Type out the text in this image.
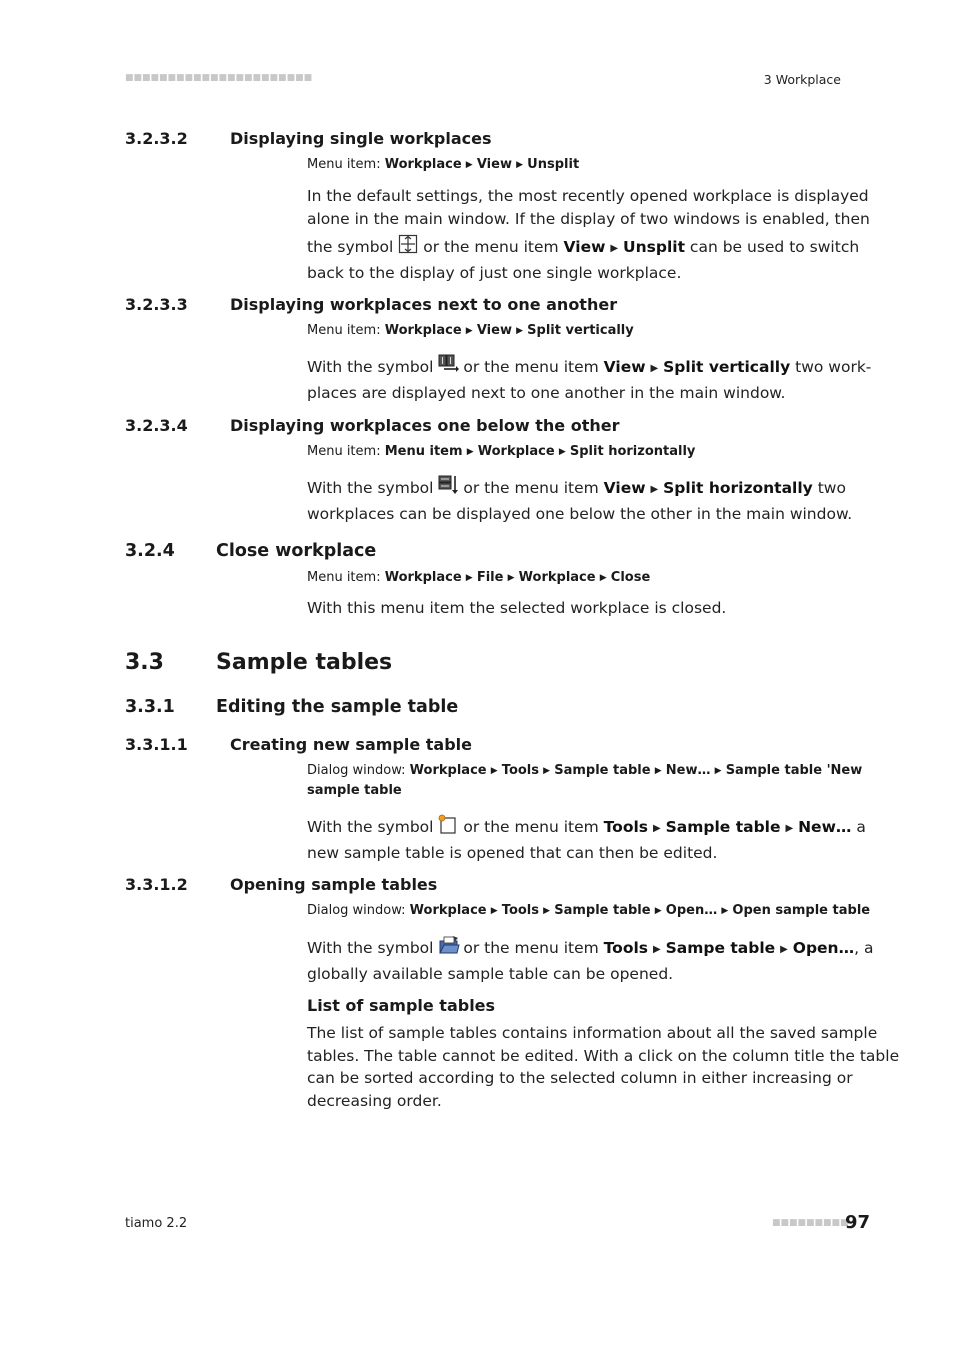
■■■■■■■■■■■■■■■■■■■■■■	3 Workplace
3.2.3.2	Displaying single workplaces
Menu item: Workplace ▶ View ▶ Unsplit
In the default settings, the most recently opened workplace is displayed
alone in the main window. If the display of two windows is enabled, then
the symbol or the menu item View ▶ Unsplit can be used to switch
back to the display of just one single workplace.
3.2.3.3	Displaying workplaces next to one another
Menu item: Workplace ▶ View ▶ Split vertically
With the symbol or the menu item View ▶ Split vertically two work-
places are displayed next to one another in the main window.
3.2.3.4	Displaying workplaces one below the other
Menu item: Menu item ▶ Workplace ▶ Split horizontally
With the symbol or the menu item View ▶ Split horizontally two
workplaces can be displayed one below the other in the main window.
3.2.4 Close workplace
Menu item: Workplace ▶ File ▶ Workplace ▶ Close
With this menu item the selected workplace is closed.
3.3 Sample tables
3.3.1 Editing the sample table
3.3.1.1	Creating new sample table
Dialog window: Workplace ▶ Tools ▶ Sample table ▶ New… ▶ Sample table 'New
sample table
With the symbol or the menu item Tools ▶ Sample table ▶ New… a
new sample table is opened that can then be edited.
3.3.1.2	Opening sample tables
Dialog window: Workplace ▶ Tools ▶ Sample table ▶ Open… ▶ Open sample table
With the symbol or the menu item Tools ▶ Sampe table ▶ Open…, a
globally available sample table can be opened.
List of sample tables
The list of sample tables contains information about all the saved sample
tables. The table cannot be edited. With a click on the column title the table
can be sorted according to the selected column in either increasing or
decreasing order.
tiamo 2.2	■■■■■■■■■
97
